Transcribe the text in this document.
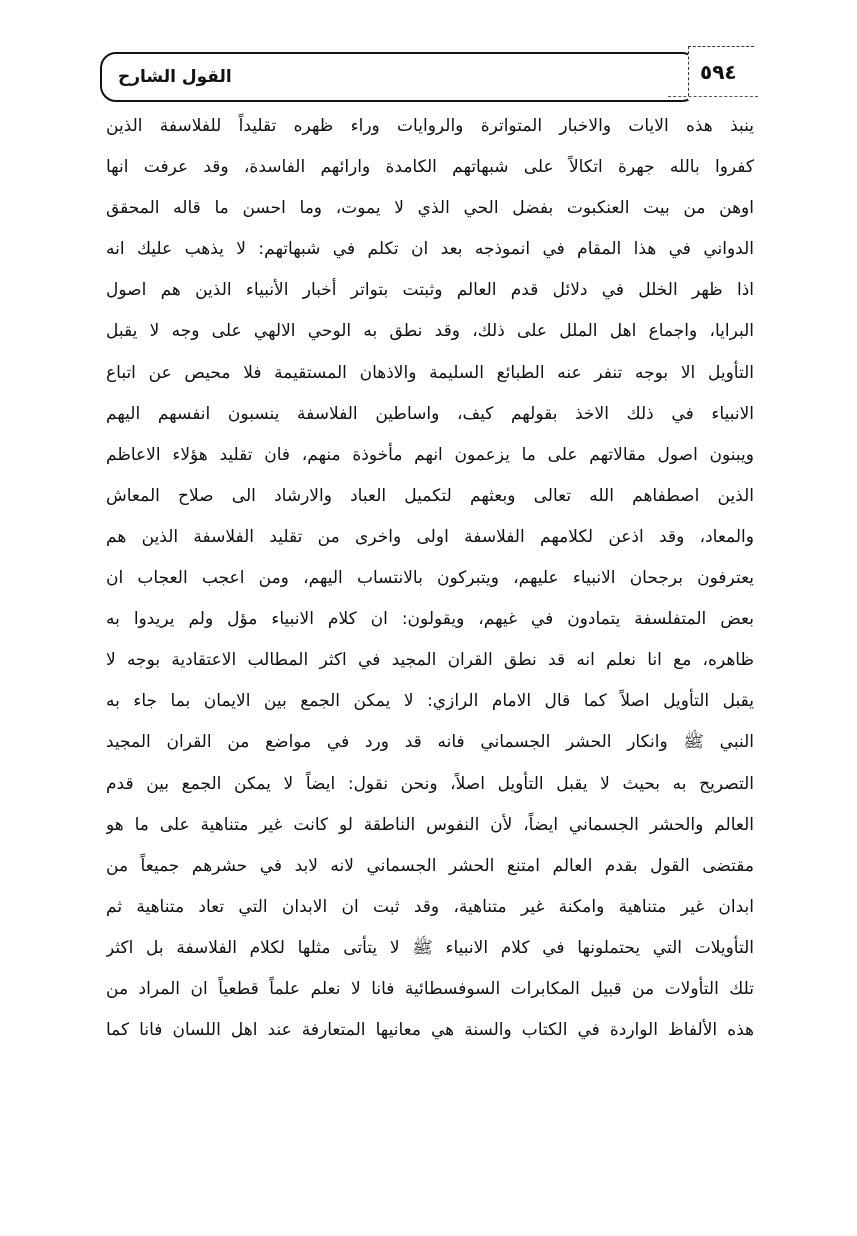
القول الشارح	٥٩٤
ينبذ هذه الايات والاخبار المتواترة والروايات وراء ظهره تقليداً للفلاسفة الذين
كفروا بالله جهرة اتكالاً على شبهاتهم الكامدة وارائهم الفاسدة، وقد عرفت انها
اوهن من بيت العنكبوت بفضل الحي الذي لا يموت، وما احسن ما قاله المحقق
الدواني في هذا المقام في انموذجه بعد ان تكلم في شبهاتهم: لا يذهب عليك انه
اذا ظهر الخلل في دلائل قدم العالم وثبتت بتواتر أخبار الأنبياء الذين هم اصول
البرايا، واجماع اهل الملل على ذلك، وقد نطق به الوحي الالهي على وجه لا يقبل
التأويل الا بوجه تنفر عنه الطبائع السليمة والاذهان المستقيمة فلا محيص عن اتباع
الانبياء في ذلك الاخذ بقولهم كيف، واساطين الفلاسفة ينسبون انفسهم اليهم
ويبنون اصول مقالاتهم على ما يزعمون انهم مأخوذة منهم، فان تقليد هؤلاء الاعاظم
الذين اصطفاهم الله تعالى وبعثهم لتكميل العباد والارشاد الى صلاح المعاش
والمعاد، وقد اذعن لكلامهم الفلاسفة اولى واخرى من تقليد الفلاسفة الذين هم
يعترفون برجحان الانبياء عليهم، ويتبركون بالانتساب اليهم، ومن اعجب العجاب ان
بعض المتفلسفة يتمادون في غيهم، ويقولون: ان كلام الانبياء مؤل ولم يريدوا به
ظاهره، مع انا نعلم انه قد نطق القران المجيد في اكثر المطالب الاعتقادية بوجه لا
يقبل التأويل اصلاً كما قال الامام الرازي: لا يمكن الجمع بين الايمان بما جاء به
النبي ﷺ وانكار الحشر الجسماني فانه قد ورد في مواضع من القران المجيد
التصريح به بحيث لا يقبل التأويل اصلاً، ونحن نقول: ايضاً لا يمكن الجمع بين قدم
العالم والحشر الجسماني ايضاً، لأن النفوس الناطقة لو كانت غير متناهية على ما هو
مقتضى القول بقدم العالم امتنع الحشر الجسماني لانه لابد في حشرهم جميعاً من
ابدان غير متناهية وامكنة غير متناهية، وقد ثبت ان الابدان التي تعاد متناهية ثم
التأويلات التي يحتملونها في كلام الانبياء ﷺ لا يتأتى مثلها لكلام الفلاسفة بل اكثر
تلك التأولات من قبيل المكابرات السوفسطائية فانا لا نعلم علماً قطعياً ان المراد من
هذه الألفاظ الواردة في الكتاب والسنة هي معانيها المتعارفة عند اهل اللسان فانا كما
